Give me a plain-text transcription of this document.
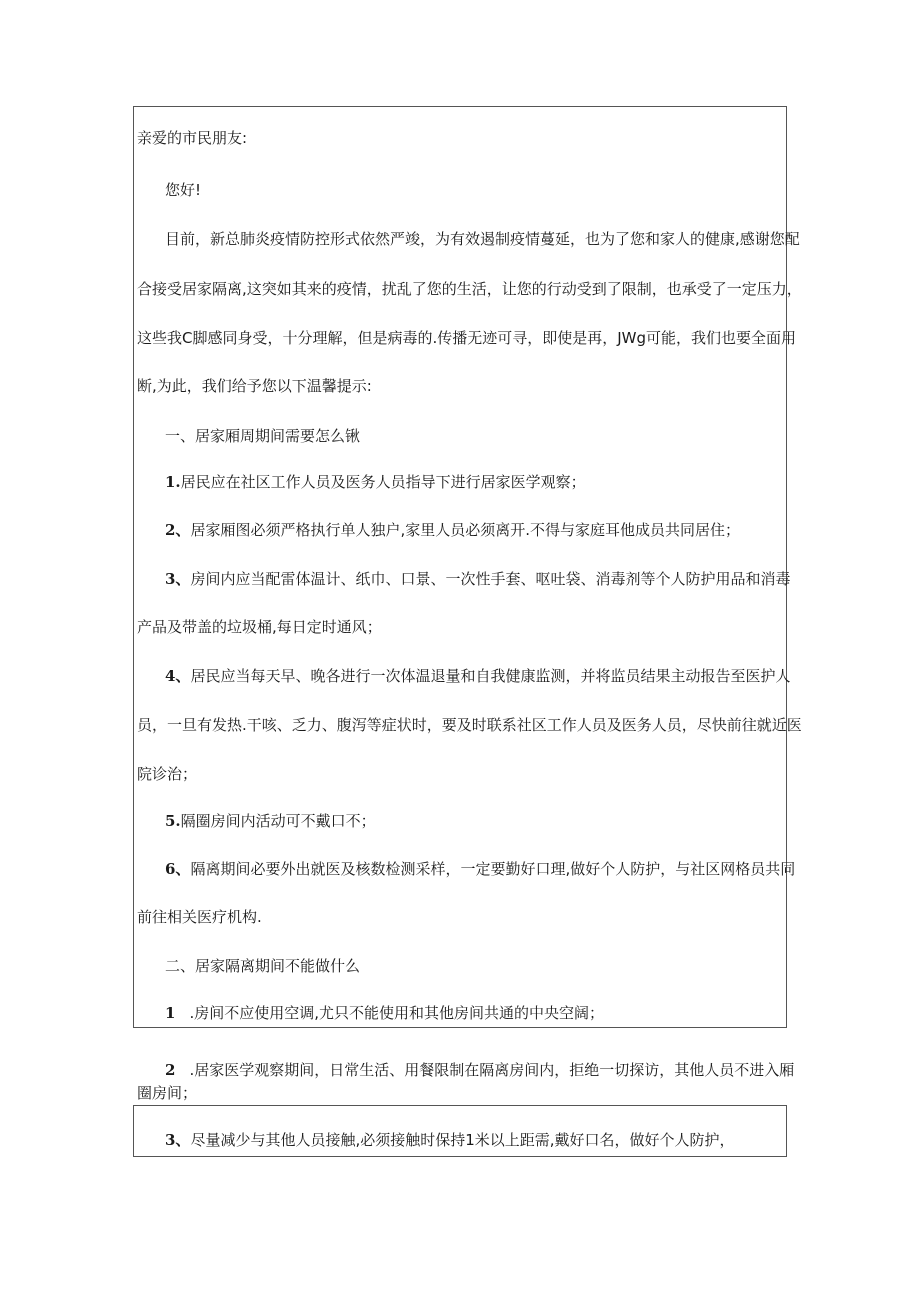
亲爱的市民朋友:
您好!
目前，新总肺炎疫情防控形式依然严竣，为有效遏制疫情蔓延，也为了您和家人的健康,感谢您配
合接受居家隔离,这突如其来的疫情，扰乱了您的生活，让您的行动受到了限制，也承受了一定压力，
这些我C脚感同身受，十分理解，但是病毒的.传播无迹可寻，即使是再，JWg可能，我们也要全面用
断,为此，我们给予您以下温馨提示:
一、居家厢周期间需要怎么锹
1.居民应在社区工作人员及医务人员指导下进行居家医学观察；
2、居家厢图必须严格执行单人独户,家里人员必须离开.不得与家庭耳他成员共同居住；
3、房间内应当配雷体温计、纸巾、口景、一次性手套、呕吐袋、消毒剂等个人防护用品和消毒
产品及带盖的垃圾桶,每日定时通风；
4、居民应当每天早、晚各进行一次体温退量和自我健康监测，并将监员结果主动报告至医护人
员，一旦有发热.干咳、乏力、腹泻等症状时，要及时联系社区工作人员及医务人员，尽快前往就近医
院诊治；
5.隔圈房间内活动可不戴口不；
6、隔离期间必要外出就医及核数检测采样，一定要勤好口理,做好个人防护，与社区网格员共同
前往相关医疗机构.
二、居家隔离期间不能做什么
1 .房间不应使用空调,尤只不能使用和其他房间共通的中央空阔；
2 .居家医学观察期间，日常生活、用餐限制在隔离房间内，拒绝一切探访，其他人员不进入厢
圈房间；
3、尽量减少与其他人员接触,必须接触时保持1米以上距需,戴好口名，做好个人防护，
